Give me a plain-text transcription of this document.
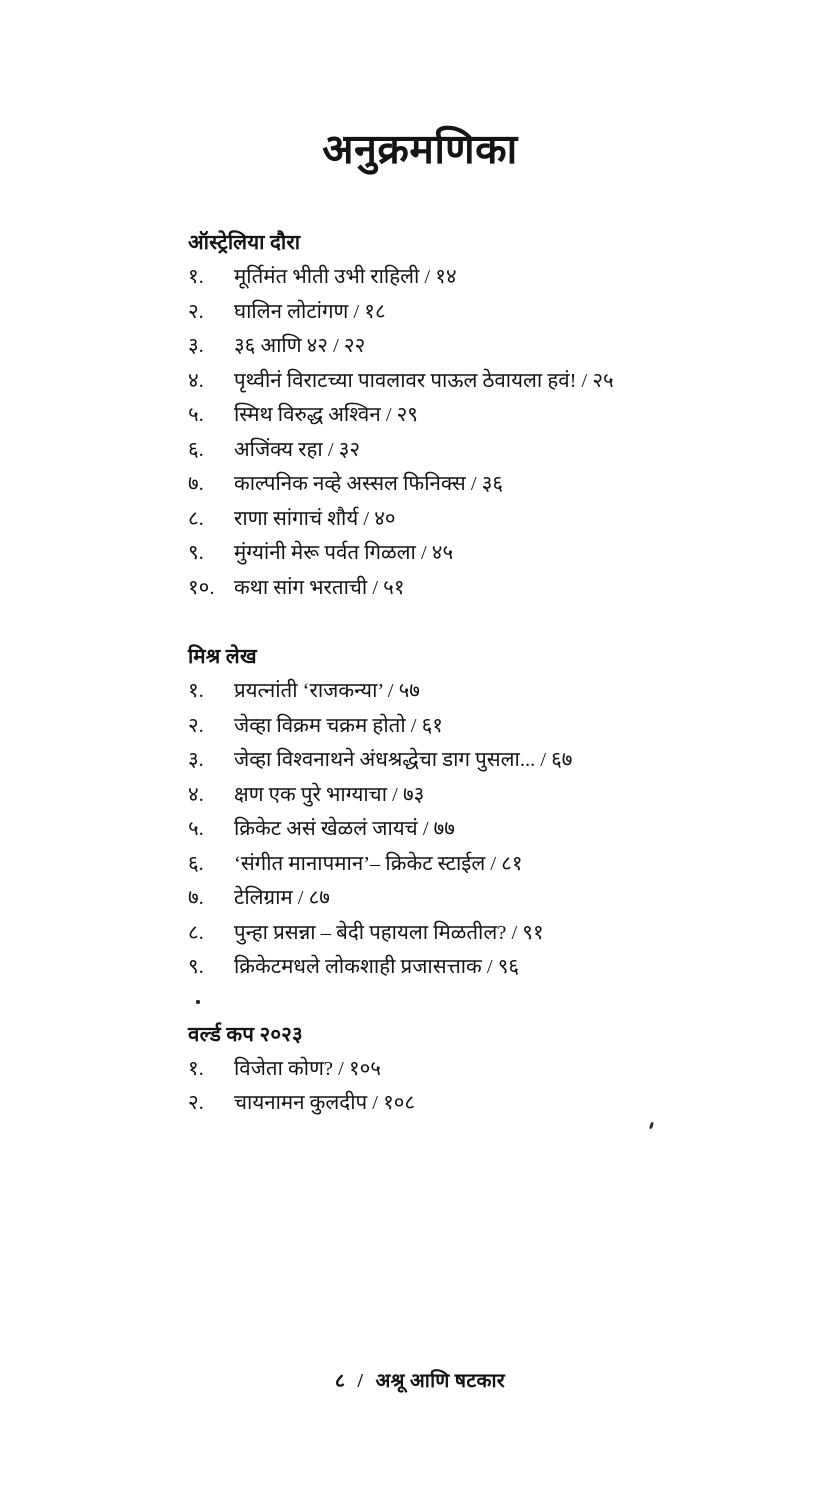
अनुक्रमणिका
ऑस्ट्रेलिया दौरा
१.	मूर्तिमंत भीती उभी राहिली / १४
२.	घालिन लोटांगण / १८
३.	३६ आणि ४२ / २२
४.	पृथ्वीनं विराटच्या पावलावर पाऊल ठेवायला हवं! / २५
५.	स्मिथ विरुद्ध अश्विन / २९
६.	अजिंक्य रहा / ३२
७.	काल्पनिक नव्हे अस्सल फिनिक्स / ३६
८.	राणा सांगाचं शौर्य / ४०
९.	मुंग्यांनी मेरू पर्वत गिळला / ४५
१०. कथा सांग भरताची / ५१
मिश्र लेख
१.	प्रयत्नांती ‘राजकन्या’ / ५७
२.	जेव्हा विक्रम चक्रम होतो / ६१
३.	जेव्हा विश्वनाथने अंधश्रद्धेचा डाग पुसला... / ६७
४.	क्षण एक पुरे भाग्याचा / ७३
५.	क्रिकेट असं खेळलं जायचं / ७७
६.	‘संगीत मानापमान’– क्रिकेट स्टाईल / ८१
७.	टेलिग्राम / ८७
८.	पुन्हा प्रसन्ना – बेदी पहायला मिळतील? / ९१
९.	क्रिकेटमधले लोकशाही प्रजासत्ताक / ९६
वर्ल्ड कप २०२३
१.	विजेता कोण? / १०५
२.	चायनामन कुलदीप / १०८
८ / अश्रू आणि षटकार
